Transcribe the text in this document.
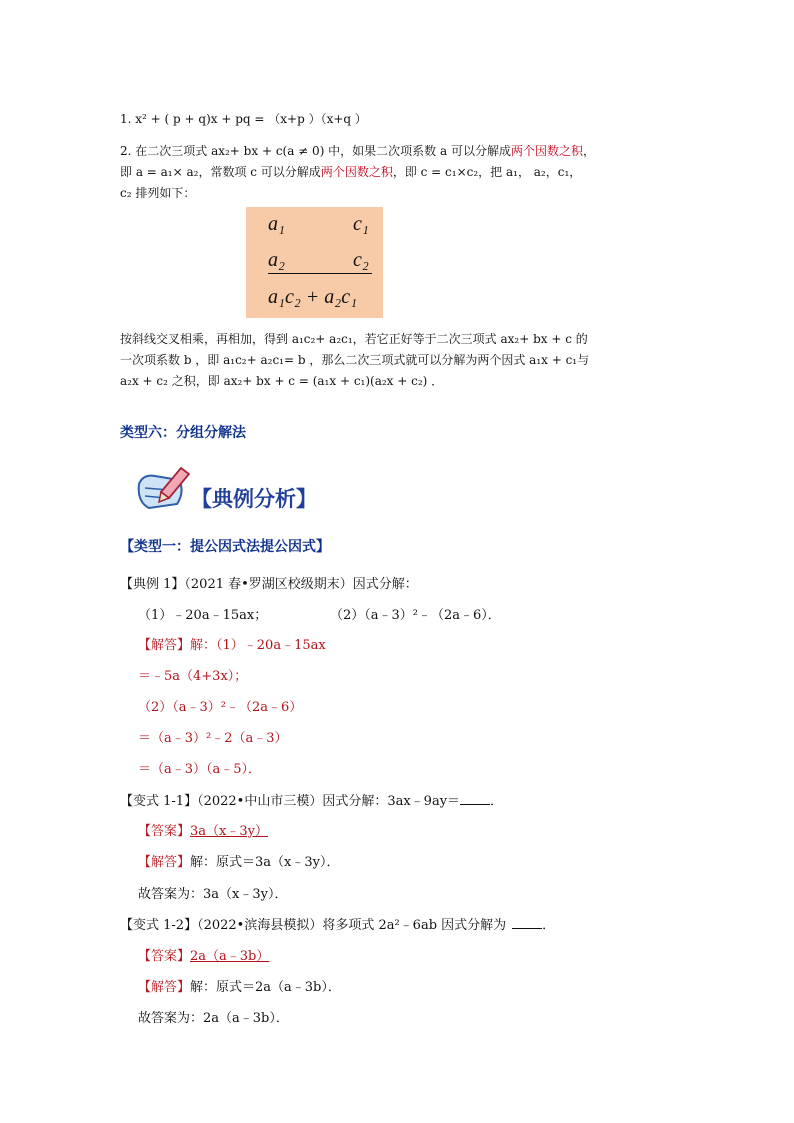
1. x² + ( p + q)x + pq = （x+p ）（x+q ）
2. 在二次三项式 ax₂+ bx + c(a ≠ 0) 中，如果二次项系数 a 可以分解成两个因数之积，
即 a = a₁× a₂，常数项 c 可以分解成两个因数之积，即 c = c₁×c₂，把 a₁， a₂，c₁，
c₂ 排列如下：
a₁	c₁
a₂	c₂
a₁c₂ + a₂c₁
按斜线交叉相乘，再相加，得到 a₁c₂+ a₂c₁，若它正好等于二次三项式 ax₂+ bx + c 的
一次项系数 b ，即 a₁c₂+ a₂c₁= b ，那么二次三项式就可以分解为两个因式 a₁x + c₁与
a₂x + c₂ 之积，即 ax₂+ bx + c = (a₁x + c₁)(a₂x + c₂) ．
类型六：分组分解法
【典例分析】
【类型一：提公因式法提公因式】
【典例 1】（2021 春•罗湖区校级期末）因式分解：
（1）﹣20a﹣15ax；	（2）（a﹣3）²﹣（2a﹣6）．
【解答】解：（1）﹣20a﹣15ax
＝﹣5a（4+3x）；
（2）（a﹣3）²﹣（2a﹣6）
＝（a﹣3）²﹣2（a﹣3）
＝（a﹣3）（a﹣5）．
【变式 1-1】（2022•中山市三模）因式分解：3ax﹣9ay＝ ．
【答案】3a（x﹣3y）
【解答】解：原式＝3a（x﹣3y）．
故答案为：3a（x﹣3y）．
【变式 1-2】（2022•滨海县模拟）将多项式 2a²﹣6ab 因式分解为	．
【答案】2a（a﹣3b）
【解答】解：原式＝2a（a﹣3b）．
故答案为：2a（a﹣3b）．
